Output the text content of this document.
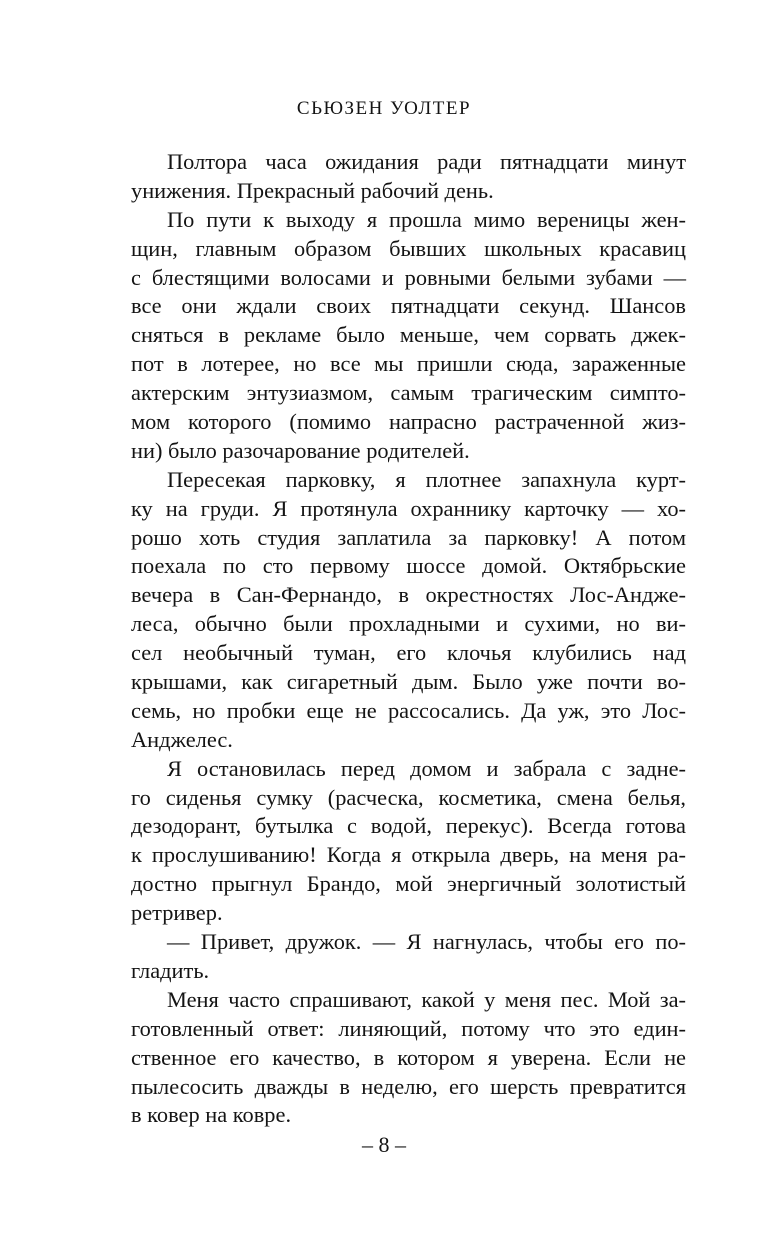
СЬЮЗЕН УОЛТЕР
Полтора часа ожидания ради пятнадцати минут
унижения. Прекрасный рабочий день.
По пути к выходу я прошла мимо вереницы жен-
щин, главным образом бывших школьных красавиц
с блестящими волосами и ровными белыми зубами —
все они ждали своих пятнадцати секунд. Шансов
сняться в рекламе было меньше, чем сорвать джек-
пот в лотерее, но все мы пришли сюда, зараженные
актерским энтузиазмом, самым трагическим симпто-
мом которого (помимо напрасно растраченной жиз-
ни) было разочарование родителей.
Пересекая парковку, я плотнее запахнула курт-
ку на груди. Я протянула охраннику карточку — хо-
рошо хоть студия заплатила за парковку! А потом
поехала по сто первому шоссе домой. Октябрьские
вечера в Сан-Фернандо, в окрестностях Лос-Андже-
леса, обычно были прохладными и сухими, но ви-
сел необычный туман, его клочья клубились над
крышами, как сигаретный дым. Было уже почти во-
семь, но пробки еще не рассосались. Да уж, это Лос-
Анджелес.
Я остановилась перед домом и забрала с задне-
го сиденья сумку (расческа, косметика, смена белья,
дезодорант, бутылка с водой, перекус). Всегда готова
к прослушиванию! Когда я открыла дверь, на меня ра-
достно прыгнул Брандо, мой энергичный золотистый
ретривер.
— Привет, дружок. — Я нагнулась, чтобы его по-
гладить.
Меня часто спрашивают, какой у меня пес. Мой за-
готовленный ответ: линяющий, потому что это един-
ственное его качество, в котором я уверена. Если не
пылесосить дважды в неделю, его шерсть превратится
в ковер на ковре.
– 8 –
